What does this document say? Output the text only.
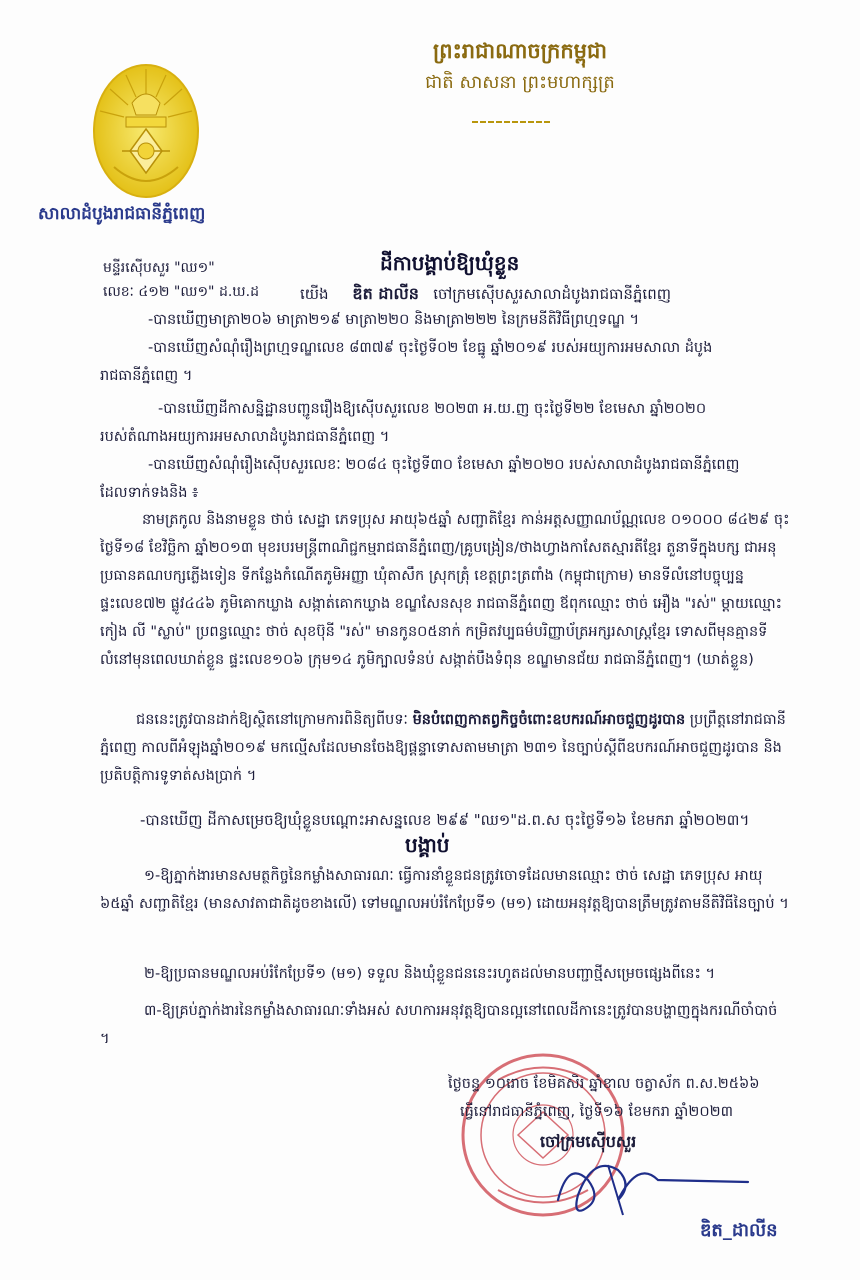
សាលាដំបូងរាជធានីភ្នំពេញ
ព្រះរាជាណាចក្រកម្ពុជា
ជាតិ សាសនា ព្រះមហាក្សត្រ
មន្ទីរស៊ើបសួរ "ឈ១"
លេខៈ ៤១២ "ឈ១" ដ.ឃ.ដ
ដីកាបង្គាប់ឱ្យឃុំខ្លួន
យើង ឌិត ដាលីន ចៅក្រមស៊ើបសួរសាលាដំបូងរាជធានីភ្នំពេញ
-បានឃើញមាត្រា២០៦ មាត្រា២១៩ មាត្រា២២០ និងមាត្រា២២២ នៃក្រមនីតិវិធីព្រហ្មទណ្ឌ ។
-បានឃើញសំណុំរឿងព្រហ្មទណ្ឌលេខ ៨៣៧៩ ចុះថ្ងៃទី០២ ខែធ្នូ ឆ្នាំ២០១៩ របស់អយ្យការអមសាលា ដំបូង
រាជធានីភ្នំពេញ ។
-បានឃើញដីកាសន្និដ្ឋានបញ្ជូនរឿងឱ្យស៊ើបសួរលេខ ២០២៣ អ.យ.ញ ចុះថ្ងៃទី២២ ខែមេសា ឆ្នាំ២០២០
របស់តំណាងអយ្យការអមសាលាដំបូងរាជធានីភ្នំពេញ ។
-បានឃើញសំណុំរឿងស៊ើបសួរលេខៈ ២០៨៤ ចុះថ្ងៃទី៣០ ខែមេសា ឆ្នាំ២០២០ របស់សាលាដំបូងរាជធានីភ្នំពេញ
ដែលទាក់ទងនិង ៖
នាមត្រកូល និងនាមខ្លួន ថាច់ សេដ្ឋា ភេទប្រុស អាយុ៦៥ឆ្នាំ សញ្ជាតិខ្មែរ កាន់អត្តសញ្ញាណប័ណ្ណលេខ ០១០០០ ៨៤២៩ ចុះថ្ងៃទី១៨ ខែវិច្ឆិកា ឆ្នាំ២០១៣ មុខរបរមន្ត្រីពាណិជ្ជកម្មរាជធានីភ្នំពេញ/គ្រូបង្រៀន/ថាងហ្វាងកាសែតស្មារតីខ្មែរ តួនាទីក្នុងបក្ស ជាអនុប្រធានគណបក្សភ្លើងទៀន ទីកន្លែងកំណើតភូមិអញ្ញា ឃុំតាសឹក ស្រុកត្រុំ ខេត្តព្រះត្រពាំង (កម្ពុជាក្រោម) មានទីលំនៅបច្ចុប្បន្នផ្ទះលេខ៧២ ផ្លូវ៤៤៦ ភូមិគោកឃ្លាង សង្កាត់គោកឃ្លាង ខណ្ឌសែនសុខ រាជធានីភ្នំពេញ ឪពុកឈ្មោះ ថាច់ អឿង "រស់" ម្ដាយឈ្មោះ កៀង លី "ស្លាប់" ប្រពន្ធឈ្មោះ ថាច់ សុខប៊ុនី "រស់" មានកូន០៥នាក់ កម្រិតវប្បធម៌បរិញ្ញាប័ត្រអក្សរសាស្ត្រខ្មែរ ទោសពីមុនគ្មានទីលំនៅមុនពេលឃាត់ខ្លួន ផ្ទះលេខ១០៦ ក្រុម១៤ ភូមិក្បាលទំនប់ សង្កាត់បឹងទំពុន ខណ្ឌមានជ័យ រាជធានីភ្នំពេញ។ (ឃាត់ខ្លួន)
ជននេះត្រូវបានដាក់ឱ្យស្ថិតនៅក្រោមការពិនិត្យពីបទៈ មិនបំពេញកាតព្វកិច្ចចំពោះឧបករណ៍អាចជួញដូរបាន ប្រព្រឹត្តនៅរាជធានីភ្នំពេញ កាលពីអំឡុងឆ្នាំ២០១៩ មកល្មើសដែលមានចែងឱ្យផ្ដន្ទាទោសតាមមាត្រា ២៣១ នៃច្បាប់ស្ដីពីឧបករណ៍អាចជួញដូរបាន និងប្រតិបត្តិការទូទាត់សងប្រាក់ ។
-បានឃើញ ដីកាសម្រេចឱ្យឃុំខ្លួនបណ្ដោះអាសន្នលេខ ២៩៩ "ឈ១"ដ.ព.ស ចុះថ្ងៃទី១៦ ខែមករា ឆ្នាំ២០២៣។
បង្គាប់
១-ឱ្យភ្នាក់ងារមានសមត្ថកិច្ចនៃកម្លាំងសាធារណៈ ធ្វើការនាំខ្លួនជនត្រូវចោទដែលមានឈ្មោះ ថាច់ សេដ្ឋា ភេទប្រុស អាយុ ៦៥ឆ្នាំ សញ្ជាតិខ្មែរ (មានសាវតាជាតិដូចខាងលើ) ទៅមណ្ឌលអប់រំកែប្រែទី១ (ម១) ដោយអនុវត្តឱ្យបានត្រឹមត្រូវតាមនីតិវិធីនៃច្បាប់ ។
២-ឱ្យប្រធានមណ្ឌលអប់រំកែប្រែទី១ (ម១) ទទួល និងឃុំខ្លួនជននេះរហូតដល់មានបញ្ជាថ្មីសម្រេចផ្សេងពីនេះ ។
៣-ឱ្យគ្រប់ភ្នាក់ងារនៃកម្លាំងសាធារណៈទាំងអស់ សហការអនុវត្តឱ្យបានល្អនៅពេលដីកានេះត្រូវបានបង្ហាញក្នុងករណីចាំបាច់ ។
ថ្ងៃចន្ទ ១០រោច ខែមិគសិរ ឆ្នាំខាល ចត្វាស័ក ព.ស.២៥៦៦
ធ្វើនៅរាជធានីភ្នំពេញ, ថ្ងៃទី១៦ ខែមករា ឆ្នាំ២០២៣
ចៅក្រមស៊ើបសួរ
ឌិត_ដាលីន
